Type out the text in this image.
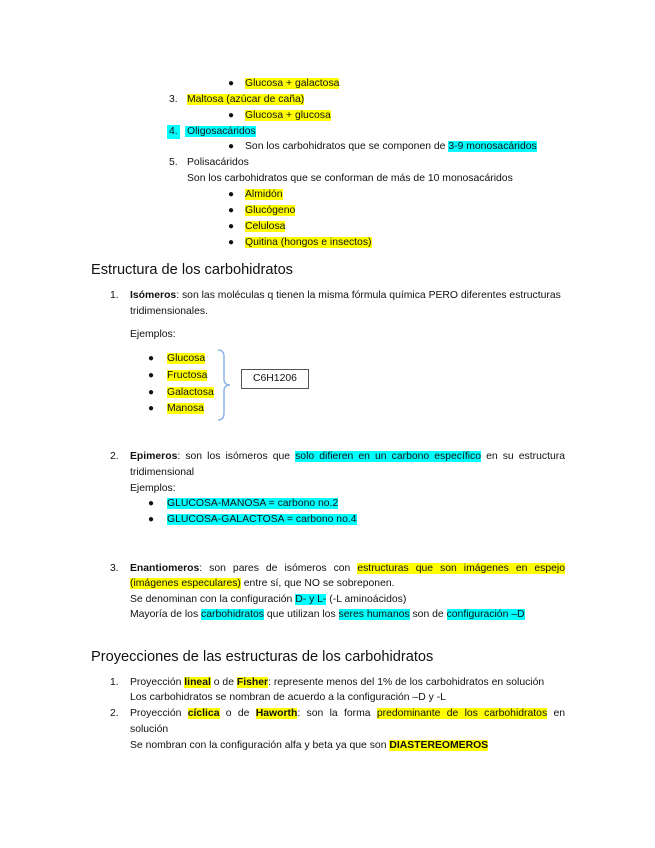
● Glucosa + galactosa
3. Maltosa (azúcar de caña)
● Glucosa + glucosa
4. Oligosacáridos
● Son los carbohidratos que se componen de 3-9 monosacáridos
5. Polisacáridos
Son los carbohidratos que se conforman de más de 10 monosacáridos
● Almidón
● Glucógeno
● Celulosa
● Quitina (hongos e insectos)
Estructura de los carbohidratos
1. Isómeros: son las moléculas q tienen la misma fórmula química PERO diferentes estructuras
tridimensionales.
Ejemplos:
● Glucosa
● Fructosa
● Galactosa
● Manosa
C6H1206
2. Epimeros: son los isómeros que solo difieren en un carbono específico en su estructura
tridimensional
Ejemplos:
● GLUCOSA-MANOSA = carbono no.2
● GLUCOSA-GALACTOSA = carbono no.4
3. Enantiomeros: son pares de isómeros con estructuras que son imágenes en espejo
(imágenes especulares) entre sí, que NO se sobreponen.
Se denominan con la configuración D- y L- (-L aminoácidos)
Mayoría de los carbohidratos que utilizan los seres humanos son de configuración –D
Proyecciones de las estructuras de los carbohidratos
1. Proyección lineal o de Fisher: represente menos del 1% de los carbohidratos en solución
Los carbohidratos se nombran de acuerdo a la configuración –D y -L
2. Proyección cíclica o de Haworth: son la forma predominante de los carbohidratos en
solución
Se nombran con la configuración alfa y beta ya que son DIASTEREOMEROS
